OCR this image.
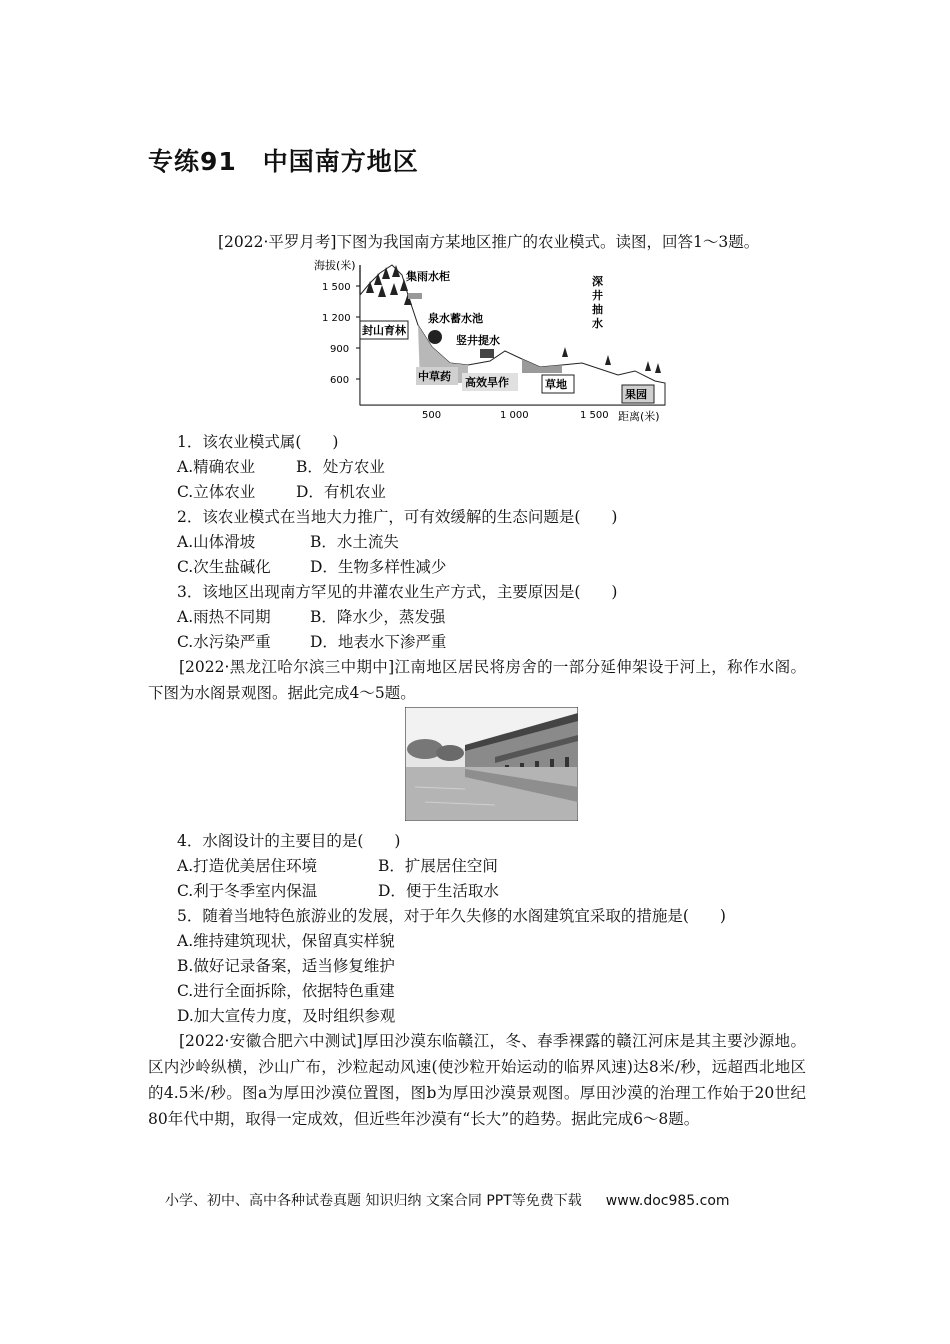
专练91　中国南方地区
[2022·平罗月考]下图为我国南方某地区推广的农业模式。读图，回答1～3题。
海拔(米)
距离(米)
1 500
1 200
900
600
500	1 000	1 500
集雨水柜
封山育林
泉水蓄水池
竖井提水
中草药 高效旱作	草地
深
井
抽
水
果园
1．该农业模式属(　　)
A.精确农业	B．处方农业
C.立体农业	D．有机农业
2．该农业模式在当地大力推广，可有效缓解的生态问题是(　　)
A.山体滑坡	B．水土流失
C.次生盐碱化	D．生物多样性减少
3．该地区出现南方罕见的井灌农业生产方式，主要原因是(　　)
A.雨热不同期	B．降水少，蒸发强
C.水污染严重	D．地表水下渗严重
[2022·黑龙江哈尔滨三中期中]江南地区居民将房舍的一部分延伸架设于河上，称作水阁。下图为水阁景观图。据此完成4～5题。
4．水阁设计的主要目的是(　　)
A.打造优美居住环境	B．扩展居住空间
C.利于冬季室内保温	D．便于生活取水
5．随着当地特色旅游业的发展，对于年久失修的水阁建筑宜采取的措施是(　　)
A.维持建筑现状，保留真实样貌
B.做好记录备案，适当修复维护
C.进行全面拆除，依据特色重建
D.加大宣传力度，及时组织参观
[2022·安徽合肥六中测试]厚田沙漠东临赣江，冬、春季裸露的赣江河床是其主要沙源地。区内沙岭纵横，沙山广布，沙粒起动风速(使沙粒开始运动的临界风速)达8米/秒，远超西北地区的4.5米/秒。图a为厚田沙漠位置图，图b为厚田沙漠景观图。厚田沙漠的治理工作始于20世纪80年代中期，取得一定成效，但近些年沙漠有“长大”的趋势。据此完成6～8题。
小学、初中、高中各种试卷真题 知识归纳 文案合同 PPT等免费下载 www.doc985.com
